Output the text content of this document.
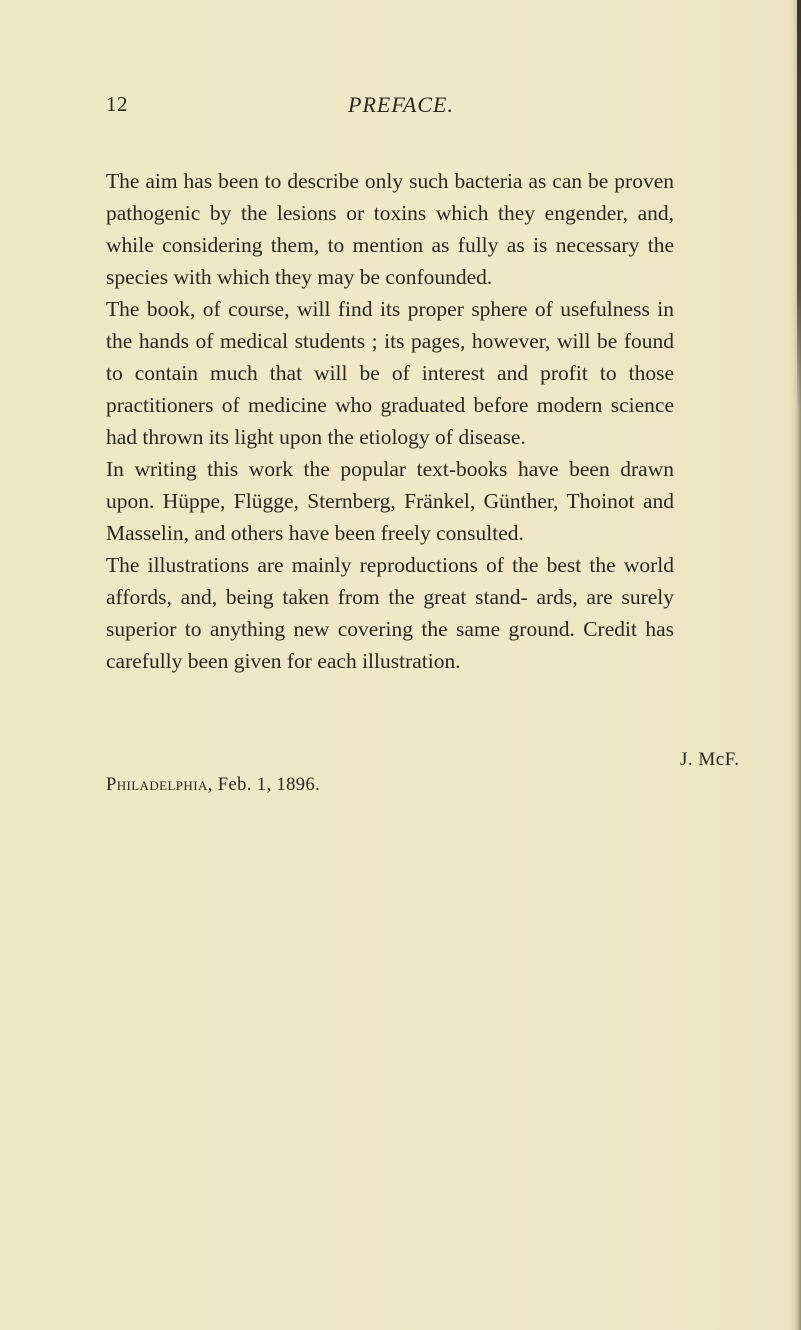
12	PREFACE.

The aim has been to describe only such bacteria as can be proven pathogenic by the lesions or toxins which they engender, and, while considering them, to mention as fully as is necessary the species with which they may be confounded.

The book, of course, will find its proper sphere of usefulness in the hands of medical students ; its pages, however, will be found to contain much that will be of interest and profit to those practitioners of medicine who graduated before modern science had thrown its light upon the etiology of disease.

In writing this work the popular text-books have been drawn upon. Hüppe, Flügge, Sternberg, Fränkel, Günther, Thoinot and Masselin, and others have been freely consulted.

The illustrations are mainly reproductions of the best the world affords, and, being taken from the great stand- ards, are surely superior to anything new covering the same ground. Credit has carefully been given for each illustration.

J. McF.
Philadelphia, Feb. 1, 1896.
